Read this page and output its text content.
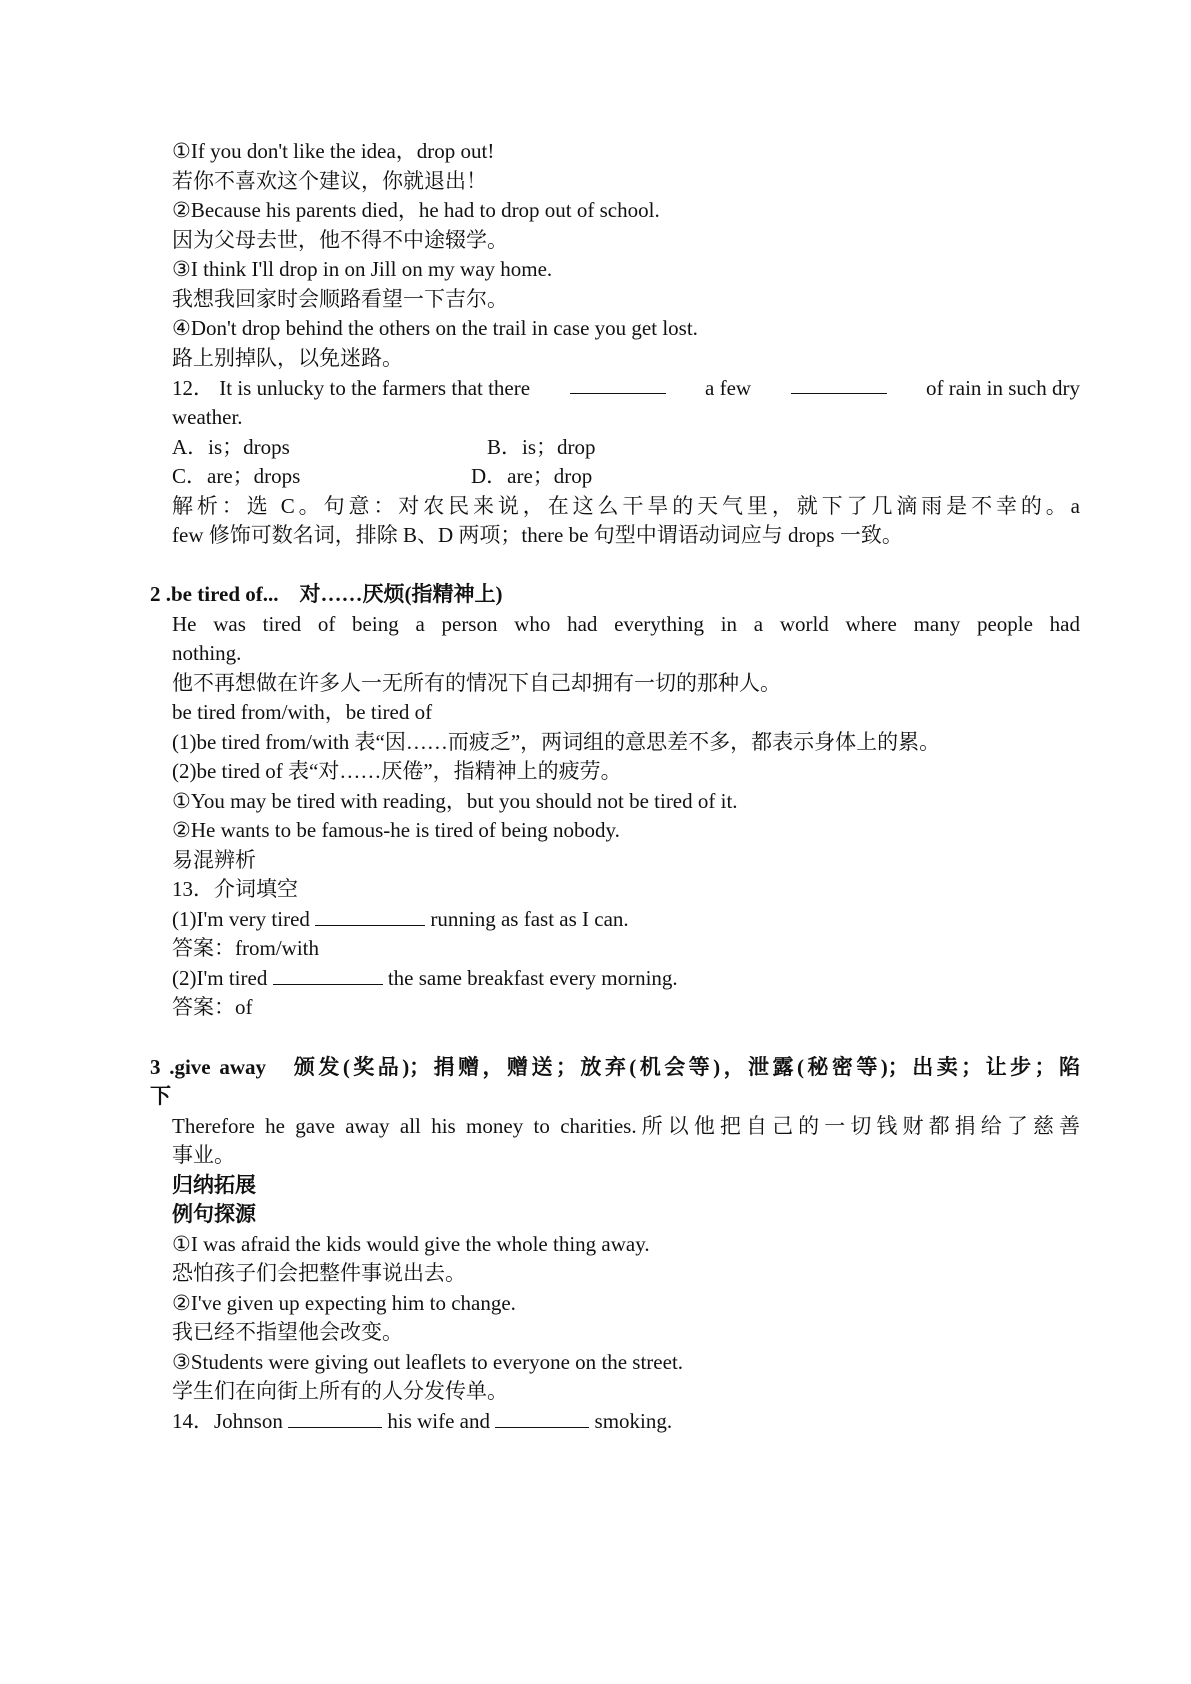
①If you don't like the idea，drop out!
若你不喜欢这个建议，你就退出！
②Because his parents died，he had to drop out of school.
因为父母去世，他不得不中途辍学。
③I think I'll drop in on Jill on my way home.
我想我回家时会顺路看望一下吉尔。
④Don't drop behind the others on the trail in case you get lost.
路上别掉队，以免迷路。
12． It is unlucky to the farmers that there	a few	of rain in such dry
weather.
A．is；drops	B．is；drop
C．are；drops	D．are；drop
解析：选 C。句意：对农民来说，在这么干旱的天气里，就下了几滴雨是不幸的。a
few 修饰可数名词，排除 B、D 两项；there be 句型中谓语动词应与 drops 一致。
2 .be tired of...　对……厌烦(指精神上)
He was tired of being a person who had everything in a world where many people had
nothing.
他不再想做在许多人一无所有的情况下自己却拥有一切的那种人。
be tired from/with，be tired of
(1)be tired from/with 表“因……而疲乏”，两词组的意思差不多，都表示身体上的累。
(2)be tired of 表“对……厌倦”，指精神上的疲劳。
①You may be tired with reading，but you should not be tired of it.
②He wants to be famous-he is tired of being nobody.
易混辨析
13．介词填空
(1)I'm very tired	running as fast as I can.
答案：from/with
(2)I'm tired	the same breakfast every morning.
答案：of
3 .give away　颁发(奖品)；捐赠，赠送；放弃(机会等)，泄露(秘密等)；出卖；让步；陷
下
Therefore he gave away all his money to charities.所以他把自己的一切钱财都捐给了慈善
事业。
归纳拓展
例句探源
①I was afraid the kids would give the whole thing away.
恐怕孩子们会把整件事说出去。
②I've given up expecting him to change.
我已经不指望他会改变。
③Students were giving out leaflets to everyone on the street.
学生们在向街上所有的人分发传单。
14．Johnson	his wife and	smoking.
